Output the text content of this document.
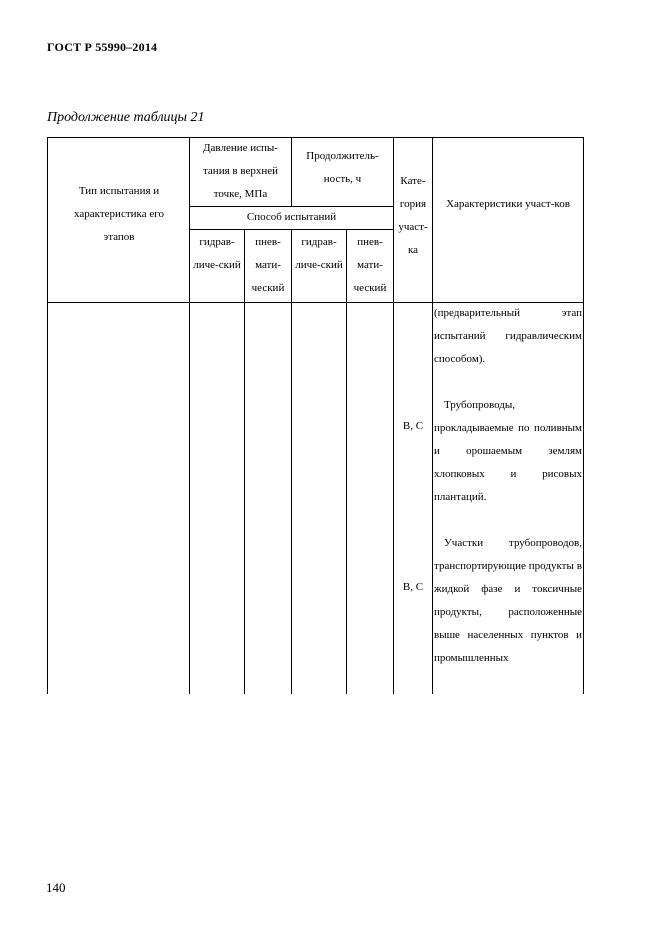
ГОСТ Р 55990–2014
Продолжение таблицы 21
Тип испытания и характеристика его этапов
Давление испы-тания в верхней точке, МПа
Продолжитель-ность, ч
Способ испытаний
гидрав-личе-ский
пнев-мати-ческий
гидрав-личе-ский
пнев-мати-ческий
Кате-гория участ-ка
Характеристики участ-ков

(предварительный этап испытаний гидравлическим способом).

Трубопроводы, прокладываемые по поливным и орошаемым землям хлопковых и рисовых плантаций.

Участки трубопроводов, транспортирующие продукты в жидкой фазе и токсичные продукты, расположенные выше населенных пунктов и промышленных

В, С
В, С
140
